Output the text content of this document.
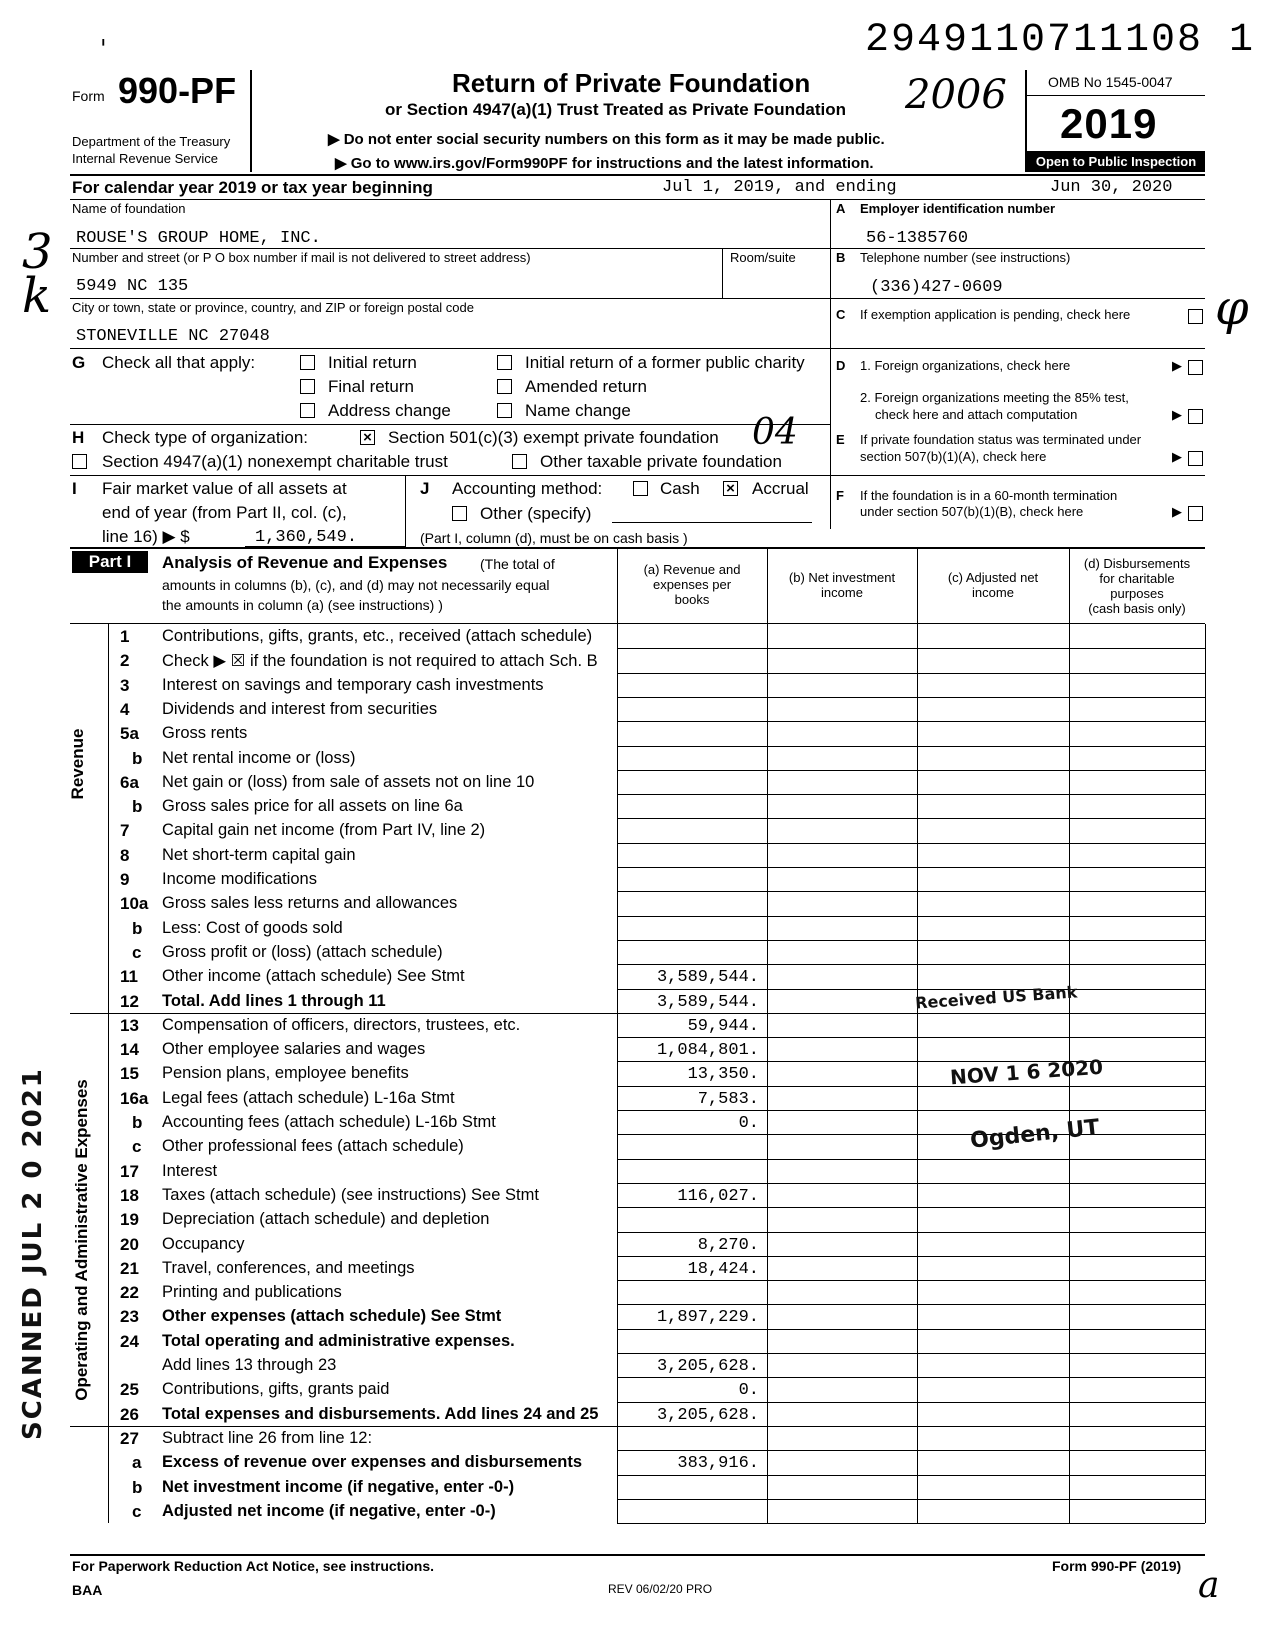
2949110711108 1
'
Form 990-PF
Department of the Treasury
Internal Revenue Service
Return of Private Foundation
or Section 4947(a)(1) Trust Treated as Private Foundation 2006
▶ Do not enter social security numbers on this form as it may be made public.
▶ Go to www.irs.gov/Form990PF for instructions and the latest information.
OMB No 1545-0047
2019
Open to Public Inspection
For calendar year 2019 or tax year beginning	Jul 1, 2019, and ending	Jun 30, 2020
Name of foundation
ROUSE'S GROUP HOME, INC.
Number and street (or P O box number if mail is not delivered to street address)	Room/suite
5949 NC 135
City or town, state or province, country, and ZIP or foreign postal code
STONEVILLE NC 27048
A Employer identification number
56-1385760
B Telephone number (see instructions)
(336)427-0609
C If exemption application is pending, check here
D 1. Foreign organizations, check here	▶
2. Foreign organizations meeting the 85% test,
check here and attach computation	▶
E If private foundation status was terminated under
section 507(b)(1)(A), check here	▶
F If the foundation is in a 60-month termination
under section 507(b)(1)(B), check here	▶
φ
G Check all that apply:	Initial return	Initial return of a former public charity
Final return	Amended return
Address change	Name change
H Check type of organization:	× Section 501(c)(3) exempt private foundation 04
Section 4947(a)(1) nonexempt charitable trust	Other taxable private foundation
I Fair market value of all assets at
end of year (from Part II, col. (c),
line 16) ▶ $	1,360,549.
J Accounting method:	Cash × Accrual
Other (specify)
(Part I, column (d), must be on cash basis )
Part I	Analysis of Revenue and Expenses (The total of
amounts in columns (b), (c), and (d) may not necessarily equal
the amounts in column (a) (see instructions) )
(a) Revenue and
expenses per
books
(b) Net investment
income
(c) Adjusted net
income
(d) Disbursements
for charitable
purposes
(cash basis only)
Revenue
Operating and Administrative Expenses
1 Contributions, gifts, grants, etc., received (attach schedule)
2 Check ▶ ☒ if the foundation is not required to attach Sch. B
3 Interest on savings and temporary cash investments
4 Dividends and interest from securities
5a Gross rents
b Net rental income or (loss)
6a Net gain or (loss) from sale of assets not on line 10
b Gross sales price for all assets on line 6a
7 Capital gain net income (from Part IV, line 2)
8 Net short-term capital gain
9 Income modifications
10a Gross sales less returns and allowances
b Less: Cost of goods sold
c Gross profit or (loss) (attach schedule)
11 Other income (attach schedule) See Stmt	3,589,544.
12 Total. Add lines 1 through 11	3,589,544.
13 Compensation of officers, directors, trustees, etc.	59,944.
14 Other employee salaries and wages	1,084,801.
15 Pension plans, employee benefits	13,350.
16a Legal fees (attach schedule) L-16a Stmt	7,583.
b Accounting fees (attach schedule) L-16b Stmt	0.
c Other professional fees (attach schedule)
17 Interest
18 Taxes (attach schedule) (see instructions) See Stmt	116,027.
19 Depreciation (attach schedule) and depletion
20 Occupancy	8,270.
21 Travel, conferences, and meetings	18,424.
22 Printing and publications
23 Other expenses (attach schedule) See Stmt	1,897,229.
24 Total operating and administrative expenses.
Add lines 13 through 23	3,205,628.
25 Contributions, gifts, grants paid	0.
26 Total expenses and disbursements. Add lines 24 and 25	3,205,628.
27 Subtract line 26 from line 12:
a Excess of revenue over expenses and disbursements	383,916.
b Net investment income (if negative, enter -0-)
c Adjusted net income (if negative, enter -0-)
For Paperwork Reduction Act Notice, see instructions.	Form 990-PF (2019)
BAA	REV 06/02/20 PRO	a
SCANNED JUL 2 0 2021
Received US Bank
NOV 1 6 2020
Ogden, UT
3
k
